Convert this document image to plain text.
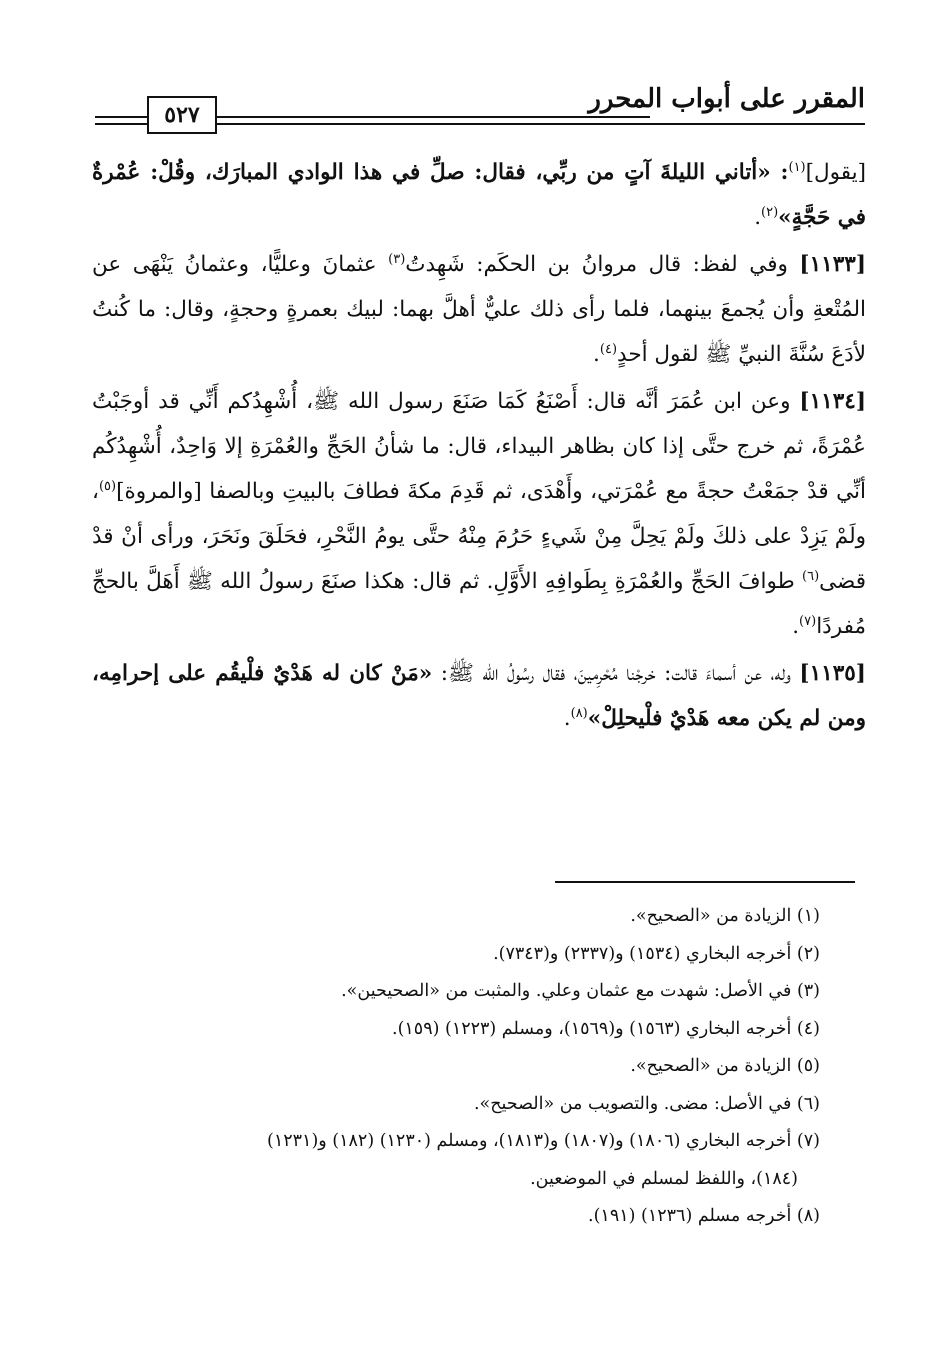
المقرر على أبواب المحرر
٥٢٧

[يقول]$^{(١)}$: «أتاني الليلةَ آتٍ من ربِّي، فقال: صلِّ في هذا الوادي المبارَك، وقُلْ: عُمْرةٌ في حَجَّةٍ»$^{(٢)}$.

[١١٣٣] وفي لفظ: قال مروانُ بن الحكَم: شَهِدتُ$^{(٣)}$ عثمانَ وعليًّا، وعثمانُ يَنْهَى عن المُتْعةِ وأن يُجمعَ بينهما، فلما رأى ذلك عليٌّ أهلَّ بهما: لبيك بعمرةٍ وحجةٍ، وقال: ما كُنتُ لأدَعَ سُنَّةَ النبيِّ ﷺ لقول أحدٍ$^{(٤)}$.

[١١٣٤] وعن ابن عُمَرَ أنَّه قال: أَصْنَعُ كَمَا صَنَعَ رسول الله ﷺ، أُشْهِدُكم أَنِّي قد أوجَبْتُ عُمْرَةً، ثم خرج حتَّى إذا كان بظاهر البيداء، قال: ما شأنُ الحَجِّ والعُمْرَةِ إلا وَاحِدٌ، أُشْهِدُكُم أنِّي قدْ جمَعْتُ حجةً مع عُمْرَتي، وأَهْدَى، ثم قَدِمَ مكةَ فطافَ بالبيتِ وبالصفا [والمروة]$^{(٥)}$، ولَمْ يَزِدْ على ذلكَ ولَمْ يَحِلَّ مِنْ شَيءٍ حَرُمَ مِنْهُ حتَّى يومُ النَّحْرِ، فحَلَقَ ونَحَرَ، ورأى أنْ قدْ قضى$^{(٦)}$ طوافَ الحَجِّ والعُمْرَةِ بِطَوافِهِ الأَوَّلِ. ثم قال: هكذا صنَعَ رسولُ الله ﷺ أَهَلَّ بالحجِّ مُفردًا$^{(٧)}$.

[١١٣٥] وله، عن أسماءَ قالت: خرجْنا مُحْرِمينَ، فقال رسُولُ الله ﷺ: «مَنْ كان له هَدْيٌ فلْيقُم على إحرامِه، ومن لم يكن معه هَدْيٌ فلْيحلِلْ»$^{(٨)}$.

(١) الزيادة من «الصحيح».

(٢) أخرجه البخاري (١٥٣٤) و(٢٣٣٧) و(٧٣٤٣).

(٣) في الأصل: شهدت مع عثمان وعلي. والمثبت من «الصحيحين».

(٤) أخرجه البخاري (١٥٦٣) و(١٥٦٩)، ومسلم (١٢٢٣) (١٥٩).

(٥) الزيادة من «الصحيح».

(٦) في الأصل: مضى. والتصويب من «الصحيح».

(٧) أخرجه البخاري (١٨٠٦) و(١٨٠٧) و(١٨١٣)، ومسلم (١٢٣٠) (١٨٢) و(١٢٣١)

(١٨٤)، واللفظ لمسلم في الموضعين.

(٨) أخرجه مسلم (١٢٣٦) (١٩١).
